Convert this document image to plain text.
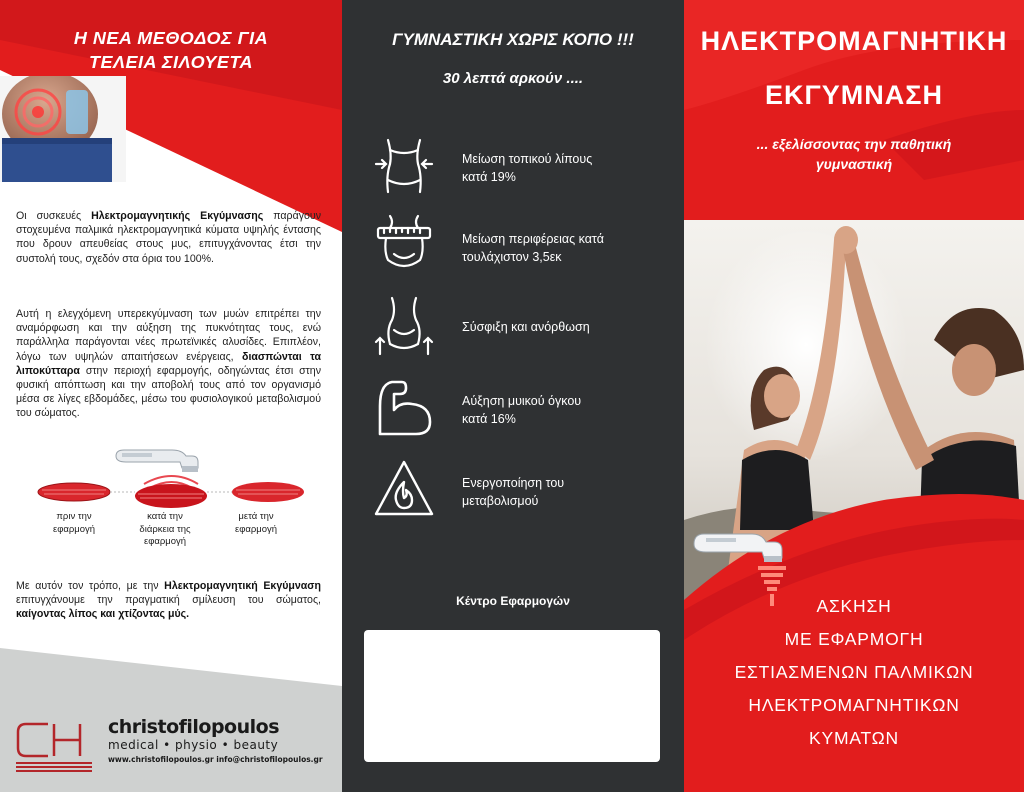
Η ΝΕΑ ΜΕΘΟΔΟΣ ΓΙΑ
ΤΕΛΕΙΑ ΣΙΛΟΥΕΤΑ
Οι συσκευές Ηλεκτρομαγνητικής Εκγύμνασης παράγουν στοχευμένα παλμικά ηλεκτρομαγνητικά κύματα υψηλής έντασης που δρουν απευθείας στους μυς, επιτυγχάνοντας έτσι την συστολή τους, σχεδόν στα όρια του 100%.
Αυτή η ελεγχόμενη υπερεκγύμναση των μυών επιτρέπει την αναμόρφωση και την αύξηση της πυκνότητας τους, ενώ παράλληλα παράγονται νέες πρωτεϊνικές αλυσίδες. Επιπλέον, λόγω των υψηλών απαιτήσεων ενέργειας, διασπώνται τα λιποκύτταρα στην περιοχή εφαρμογής, οδηγώντας έτσι στην φυσική απόπτωση και την αποβολή τους από τον οργανισμό μέσα σε λίγες εβδομάδες, μέσω του φυσιολογικού μεταβολισμού του σώματος.
πριν την
εφαρμογή
κατά την
διάρκεια της
εφαρμογή
μετά την
εφαρμογή
Με αυτόν τον τρόπο, με την Ηλεκτρομαγνητική Εκγύμναση επιτυγχάνουμε την πραγματική σμίλευση του σώματος, καίγοντας λίπος και χτίζοντας μύς.
christofilopoulos
medical • physio • beauty
www.christofilopoulos.gr info@christofilopoulos.gr
ΓΥΜΝΑΣΤΙΚΗ ΧΩΡΙΣ ΚΟΠΟ !!!
30 λεπτά αρκούν ....
Μείωση τοπικού λίπους
κατά 19%
Μείωση περιφέρειας κατά
τουλάχιστον 3,5εκ
Σύσφιξη και ανόρθωση
Αύξηση μυικού όγκου
κατά 16%
Ενεργοποίηση του
μεταβολισμού
Κέντρο Εφαρμογών
ΗΛΕΚΤΡΟΜΑΓΝΗΤΙΚΗ
ΕΚΓΥΜΝΑΣΗ
... εξελίσσοντας την παθητική
γυμναστική
ΑΣΚΗΣΗ
ΜΕ ΕΦΑΡΜΟΓΗ
ΕΣΤΙΑΣΜΕΝΩΝ ΠΑΛΜΙΚΩΝ
ΗΛΕΚΤΡΟΜΑΓΝΗΤΙΚΩΝ
ΚΥΜΑΤΩΝ
